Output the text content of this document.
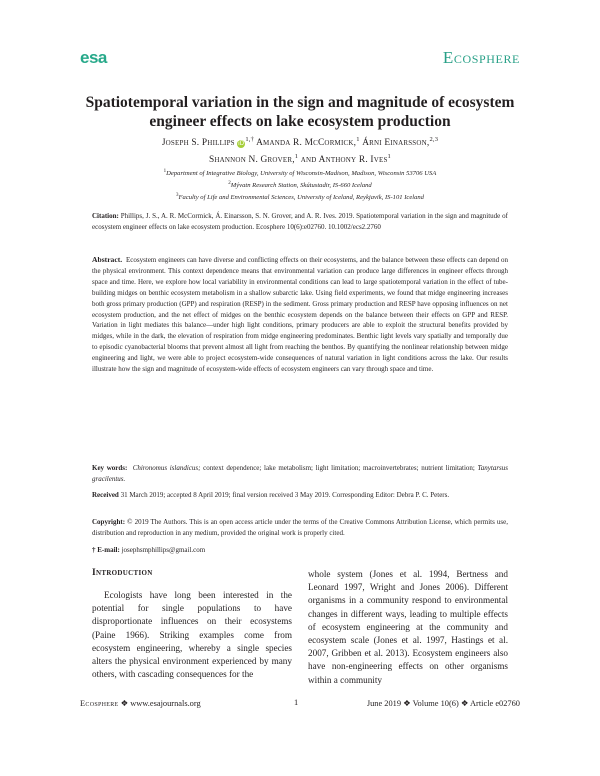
esa	Ecosphere
Spatiotemporal variation in the sign and magnitude of ecosystem engineer effects on lake ecosystem production
Joseph S. Phillips $iD^{1,\dagger}$ Amanda R. McCormick,$^1$ Árni Einarsson,$^{2,3}$
Shannon N. Grover,$^1$ and Anthony R. Ives$^1$
$^1$Department of Integrative Biology, University of Wisconsin-Madison, Madison, Wisconsin 53706 USA
$^2$Mývatn Research Station, Skútustadir, IS-660 Iceland
$^3$Faculty of Life and Environmental Sciences, University of Iceland, Reykjavik, IS-101 Iceland

Citation: Phillips, J. S., A. R. McCormick, Á. Einarsson, S. N. Grover, and A. R. Ives. 2019. Spatiotemporal variation in the sign and magnitude of ecosystem engineer effects on lake ecosystem production. Ecosphere 10(6):e02760. 10.1002/ecs2.2760

Abstract. Ecosystem engineers can have diverse and conflicting effects on their ecosystems, and the balance between these effects can depend on the physical environment. This context dependence means that environmental variation can produce large differences in engineer effects through space and time. Here, we explore how local variability in environmental conditions can lead to large spatiotemporal variation in the effect of tube-building midges on benthic ecosystem metabolism in a shallow subarctic lake. Using field experiments, we found that midge engineering increases both gross primary production (GPP) and respiration (RESP) in the sediment. Gross primary production and RESP have opposing influences on net ecosystem production, and the net effect of midges on the benthic ecosystem depends on the balance between their effects on GPP and RESP. Variation in light mediates this balance—under high light conditions, primary producers are able to exploit the structural benefits provided by midges, while in the dark, the elevation of respiration from midge engineering predominates. Benthic light levels vary spatially and temporally due to episodic cyanobacterial blooms that prevent almost all light from reaching the benthos. By quantifying the nonlinear relationship between midge engineering and light, we were able to project ecosystem-wide consequences of natural variation in light conditions across the lake. Our results illustrate how the sign and magnitude of ecosystem-wide effects of ecosystem engineers can vary through space and time.

Key words: Chironomus islandicus; context dependence; lake metabolism; light limitation; macroinvertebrates; nutrient limitation; Tanytarsus gracilentus.

Received 31 March 2019; accepted 8 April 2019; final version received 3 May 2019. Corresponding Editor: Debra P. C. Peters.

Copyright: © 2019 The Authors. This is an open access article under the terms of the Creative Commons Attribution License, which permits use, distribution and reproduction in any medium, provided the original work is properly cited.

† E-mail: josephsmphillips@gmail.com

Introduction

Ecologists have long been interested in the potential for single populations to have disproportionate influences on their ecosystems (Paine 1966). Striking examples come from ecosystem engineering, whereby a single species alters the physical environment experienced by many others, with cascading consequences for the

whole system (Jones et al. 1994, Bertness and Leonard 1997, Wright and Jones 2006). Different organisms in a community respond to environmental changes in different ways, leading to multiple effects of ecosystem engineering at the community and ecosystem scale (Jones et al. 1997, Hastings et al. 2007, Gribben et al. 2013). Ecosystem engineers also have non-engineering effects on other organisms within a community

Ecosphere ❖ www.esajournals.org	1	June 2019 ❖ Volume 10(6) ❖ Article e02760
